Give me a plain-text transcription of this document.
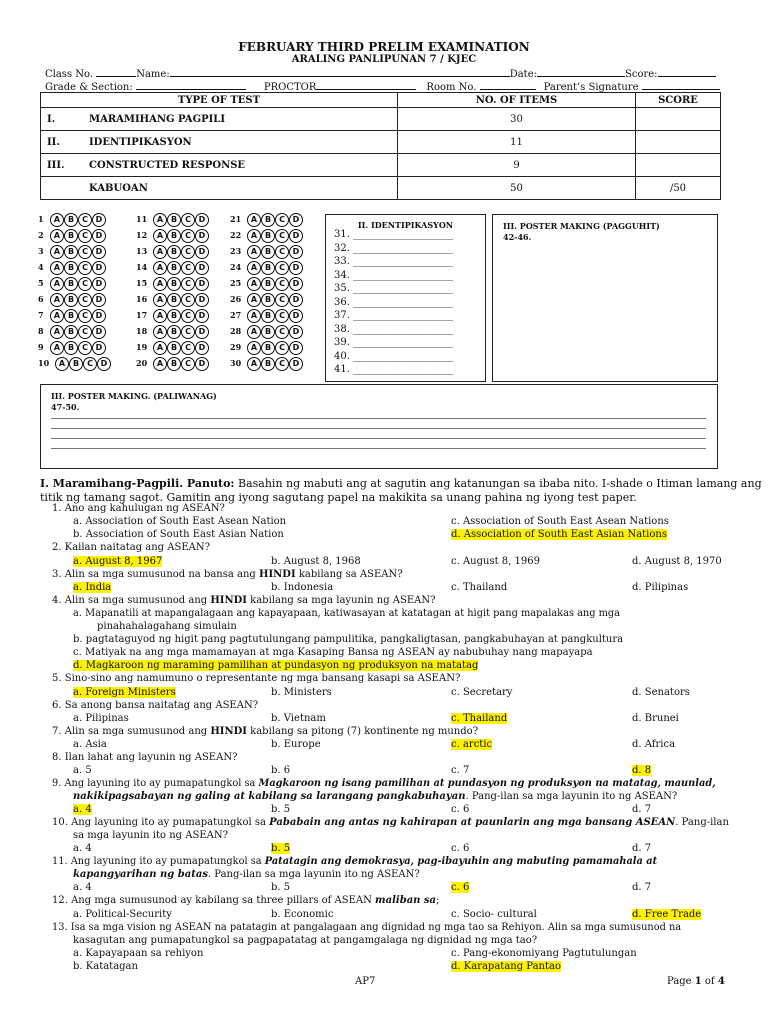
FEBRUARY THIRD PRELIM EXAMINATION
ARALING PANLIPUNAN 7 / KJEC
Class No.	Name:	Date:	Score:
Grade & Section:	PROCTOR	Room No.	Parent’s Signature
TYPE OF TEST		NO. OF ITEMS	SCORE
I.	MARAMIHANG PAGPILI	30	
II.	IDENTIPIKASYON	11	
III.	CONSTRUCTED RESPONSE	9	
	KABUOAN	50	/50
1 A B C D
2 A B C D
3 A B C D
4 A B C D
5 A B C D
6 A B C D
7 A B C D
8 A B C D
9 A B C D
10 A B C D
11 A B C D
12 A B C D
13 A B C D
14 A B C D
15 A B C D
16 A B C D
17 A B C D
18 A B C D
19 A B C D
20 A B C D
21 A B C D
22 A B C D
23 A B C D
24 A B C D
25 A B C D
26 A B C D
27 A B C D
28 A B C D
29 A B C D
30 A B C D
II. IDENTIPIKASYON
31. ____________________
32. ____________________
33. ____________________
34. ____________________
35. ____________________
36. ____________________
37. ____________________
38. ____________________
39. ____________________
40. ____________________
41. ____________________
III. POSTER MAKING (PAGGUHIT)
42-46.
III. POSTER MAKING. (PALIWANAG)
47-50.
I. Maramihang-Pagpili. Panuto: Basahin ng mabuti ang at sagutin ang katanungan sa ibaba nito. I-shade o Itiman lamang ang
titik ng tamang sagot. Gamitin ang iyong sagutang papel na makikita sa unang pahina ng iyong test paper.
1. Ano ang kahulugan ng ASEAN?
a. Association of South East Asean Nation	c. Association of South East Asean Nations
b. Association of South East Asian Nation	d. Association of South East Asian Nations
2. Kailan naitatag ang ASEAN?
a. August 8, 1967	b. August 8, 1968	c. August 8, 1969	d. August 8, 1970
3. Alin sa mga sumusunod na bansa ang HINDI kabilang sa ASEAN?
a. India	b. Indonesia	c. Thailand	d. Pilipinas
4. Alin sa mga sumusunod ang HINDI kabilang sa mga layunin ng ASEAN?
a. Mapanatili at mapangalagaan ang kapayapaan, katiwasayan at katatagan at higit pang mapalakas ang mga
pinahahalagahang simulain
b. pagtataguyod ng higit pang pagtutulungang pampulitika, pangkaligtasan, pangkabuhayan at pangkultura
c. Matiyak na ang mga mamamayan at mga Kasaping Bansa ng ASEAN ay nabubuhay nang mapayapa
d. Magkaroon ng maraming pamilihan at pundasyon ng produksyon na matatag
5. Sino-sino ang namumuno o representante ng mga bansang kasapi sa ASEAN?
a. Foreign Ministers	b. Ministers	c. Secretary	d. Senators
6. Sa anong bansa naitatag ang ASEAN?
a. Pilipinas	b. Vietnam	c. Thailand	d. Brunei
7. Alin sa mga sumusunod ang HINDI kabilang sa pitong (7) kontinente ng mundo?
a. Asia	b. Europe	c. arctic	d. Africa
8. Ilan lahat ang layunin ng ASEAN?
a. 5	b. 6	c. 7	d. 8
9. Ang layuning ito ay pumapatungkol sa Magkaroon ng isang pamilihan at pundasyon ng produksyon na matatag, maunlad,
nakikipagsabayan ng galing at kabilang sa larangang pangkabuhayan. Pang-ilan sa mga layunin ito ng ASEAN?
a. 4	b. 5	c. 6	d. 7
10. Ang layuning ito ay pumapatungkol sa Pababain ang antas ng kahirapan at paunlarin ang mga bansang ASEAN. Pang-ilan
sa mga layunin ito ng ASEAN?
a. 4	b. 5	c. 6	d. 7
11. Ang layuning ito ay pumapatungkol sa Patatagin ang demokrasya, pag-ibayuhin ang mabuting pamamahala at
kapangyarihan ng batas. Pang-ilan sa mga layunin ito ng ASEAN?
a. 4	b. 5	c. 6	d. 7
12. Ang mga sumusunod ay kabilang sa three pillars of ASEAN maliban sa;
a. Political-Security	b. Economic	c. Socio- cultural	d. Free Trade
13. Isa sa mga vision ng ASEAN na patatagin at pangalagaan ang dignidad ng mga tao sa Rehiyon. Alin sa mga sumusunod na
kasagutan ang pumapatungkol sa pagpapatatag at pangamgalaga ng dignidad ng mga tao?
a. Kapayapaan sa rehiyon	c. Pang-ekonomiyang Pagtutulungan
b. Katatagan	d. Karapatang Pantao
AP7	Page 1 of 4
